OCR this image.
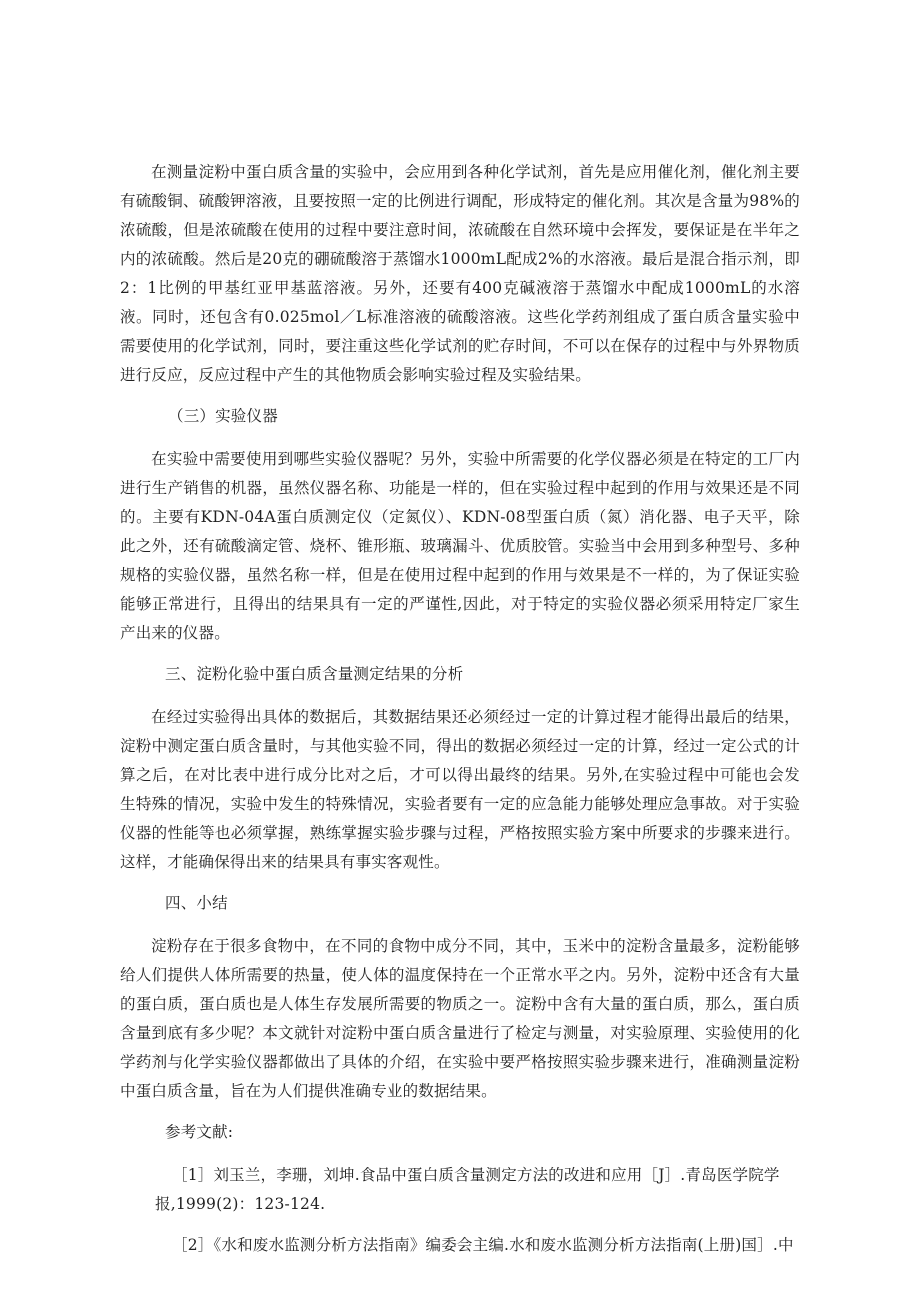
在测量淀粉中蛋白质含量的实验中，会应用到各种化学试剂，首先是应用催化剂，催化剂主要有硫酸铜、硫酸钾溶液，且要按照一定的比例进行调配，形成特定的催化剂。其次是含量为98%的浓硫酸，但是浓硫酸在使用的过程中要注意时间，浓硫酸在自然环境中会挥发，要保证是在半年之内的浓硫酸。然后是20克的硼硫酸溶于蒸馏水1000mL配成2%的水溶液。最后是混合指示剂，即2：1比例的甲基红亚甲基蓝溶液。另外，还要有400克碱液溶于蒸馏水中配成1000mL的水溶液。同时，还包含有0.025mol／L标准溶液的硫酸溶液。这些化学药剂组成了蛋白质含量实验中需要使用的化学试剂，同时，要注重这些化学试剂的贮存时间，不可以在保存的过程中与外界物质进行反应，反应过程中产生的其他物质会影响实验过程及实验结果。

（三）实验仪器

在实验中需要使用到哪些实验仪器呢？另外，实验中所需要的化学仪器必须是在特定的工厂内进行生产销售的机器，虽然仪器名称、功能是一样的，但在实验过程中起到的作用与效果还是不同的。主要有KDN-04A蛋白质测定仪（定氮仪）、KDN-08型蛋白质（氮）消化器、电子天平，除此之外，还有硫酸滴定管、烧杯、锥形瓶、玻璃漏斗、优质胶管。实验当中会用到多种型号、多种规格的实验仪器，虽然名称一样，但是在使用过程中起到的作用与效果是不一样的，为了保证实验能够正常进行，且得出的结果具有一定的严谨性,因此，对于特定的实验仪器必须采用特定厂家生产出来的仪器。

三、淀粉化验中蛋白质含量测定结果的分析

在经过实验得出具体的数据后，其数据结果还必须经过一定的计算过程才能得出最后的结果，淀粉中测定蛋白质含量时，与其他实验不同，得出的数据必须经过一定的计算，经过一定公式的计算之后，在对比表中进行成分比对之后，才可以得出最终的结果。另外,在实验过程中可能也会发生特殊的情况，实验中发生的特殊情况，实验者要有一定的应急能力能够处理应急事故。对于实验仪器的性能等也必须掌握，熟练掌握实验步骤与过程，严格按照实验方案中所要求的步骤来进行。这样，才能确保得出来的结果具有事实客观性。

四、小结

淀粉存在于很多食物中，在不同的食物中成分不同，其中，玉米中的淀粉含量最多，淀粉能够给人们提供人体所需要的热量，使人体的温度保持在一个正常水平之内。另外，淀粉中还含有大量的蛋白质，蛋白质也是人体生存发展所需要的物质之一。淀粉中含有大量的蛋白质，那么，蛋白质含量到底有多少呢？本文就针对淀粉中蛋白质含量进行了检定与测量，对实验原理、实验使用的化学药剂与化学实验仪器都做出了具体的介绍，在实验中要严格按照实验步骤来进行，准确测量淀粉中蛋白质含量，旨在为人们提供准确专业的数据结果。

参考文献:

［1］刘玉兰，李珊，刘坤.食品中蛋白质含量测定方法的改进和应用［J］.青岛医学院学

报,1999(2)：123-124.

［2］《水和废水监测分析方法指南》编委会主编.水和废水监测分析方法指南(上册)国］.中
